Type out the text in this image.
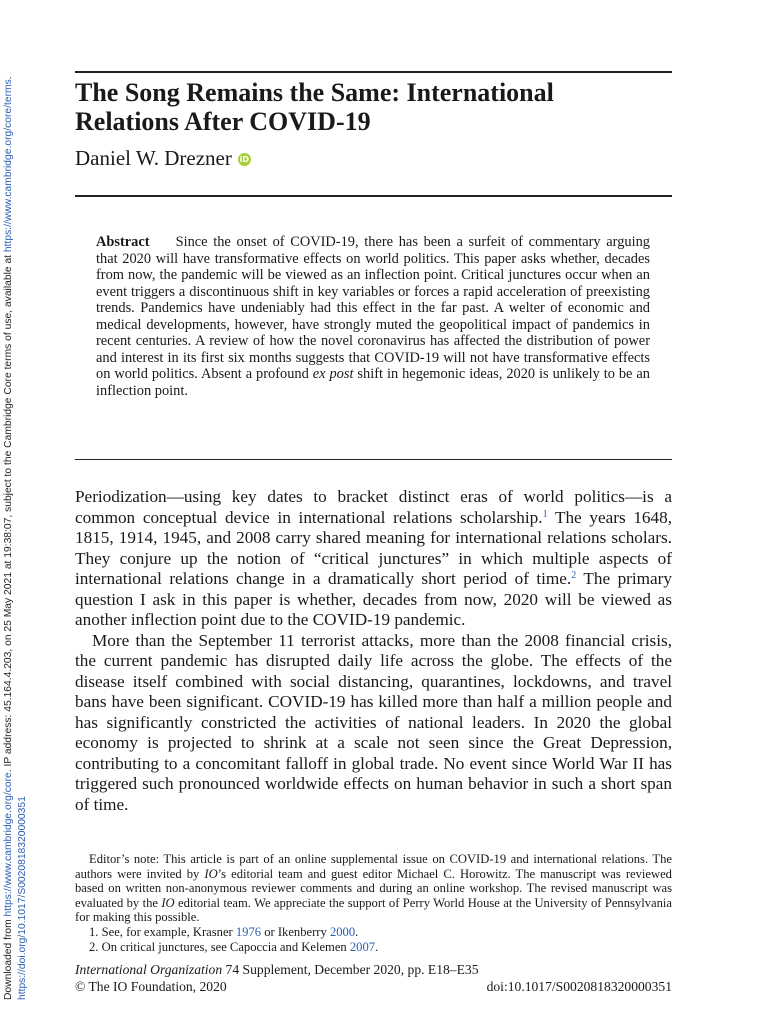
Downloaded from https://www.cambridge.org/core. IP address: 45.164.4.203, on 25 May 2021 at 19:38:07, subject to the Cambridge Core terms of use, available at https://www.cambridge.org/core/terms.
https://doi.org/10.1017/S0020818320000351
The Song Remains the Same: International
Relations After COVID-19
Daniel W. Drezner iD

Abstract Since the onset of COVID-19, there has been a surfeit of commentary arguing that 2020 will have transformative effects on world politics. This paper asks whether, decades from now, the pandemic will be viewed as an inflection point. Critical junctures occur when an event triggers a discontinuous shift in key variables or forces a rapid acceleration of preexisting trends. Pandemics have undeniably had this effect in the far past. A welter of economic and medical developments, however, have strongly muted the geopolitical impact of pandemics in recent centuries. A review of how the novel coronavirus has affected the distribution of power and interest in its first six months suggests that COVID-19 will not have transformative effects on world politics. Absent a profound ex post shift in hegemonic ideas, 2020 is unlikely to be an inflection point.

Periodization—using key dates to bracket distinct eras of world politics—is a common conceptual device in international relations scholarship.$^1$ The years 1648, 1815, 1914, 1945, and 2008 carry shared meaning for international relations scholars. They conjure up the notion of “critical junctures” in which multiple aspects of international relations change in a dramatically short period of time.$^2$ The primary question I ask in this paper is whether, decades from now, 2020 will be viewed as another inflection point due to the COVID-19 pandemic.

More than the September 11 terrorist attacks, more than the 2008 financial crisis, the current pandemic has disrupted daily life across the globe. The effects of the disease itself combined with social distancing, quarantines, lockdowns, and travel bans have been significant. COVID-19 has killed more than half a million people and has significantly constricted the activities of national leaders. In 2020 the global economy is projected to shrink at a scale not seen since the Great Depression, contributing to a concomitant falloff in global trade. No event since World War II has triggered such pronounced worldwide effects on human behavior in such a short span of time.

Editor’s note: This article is part of an online supplemental issue on COVID-19 and international relations. The authors were invited by IO’s editorial team and guest editor Michael C. Horowitz. The manuscript was reviewed based on written non-anonymous reviewer comments and during an online workshop. The revised manuscript was evaluated by the IO editorial team. We appreciate the support of Perry World House at the University of Pennsylvania for making this possible.

1. See, for example, Krasner 1976 or Ikenberry 2000.

2. On critical junctures, see Capoccia and Kelemen 2007.

International Organization 74 Supplement, December 2020, pp. E18–E35
© The IO Foundation, 2020	doi:10.1017/S0020818320000351
